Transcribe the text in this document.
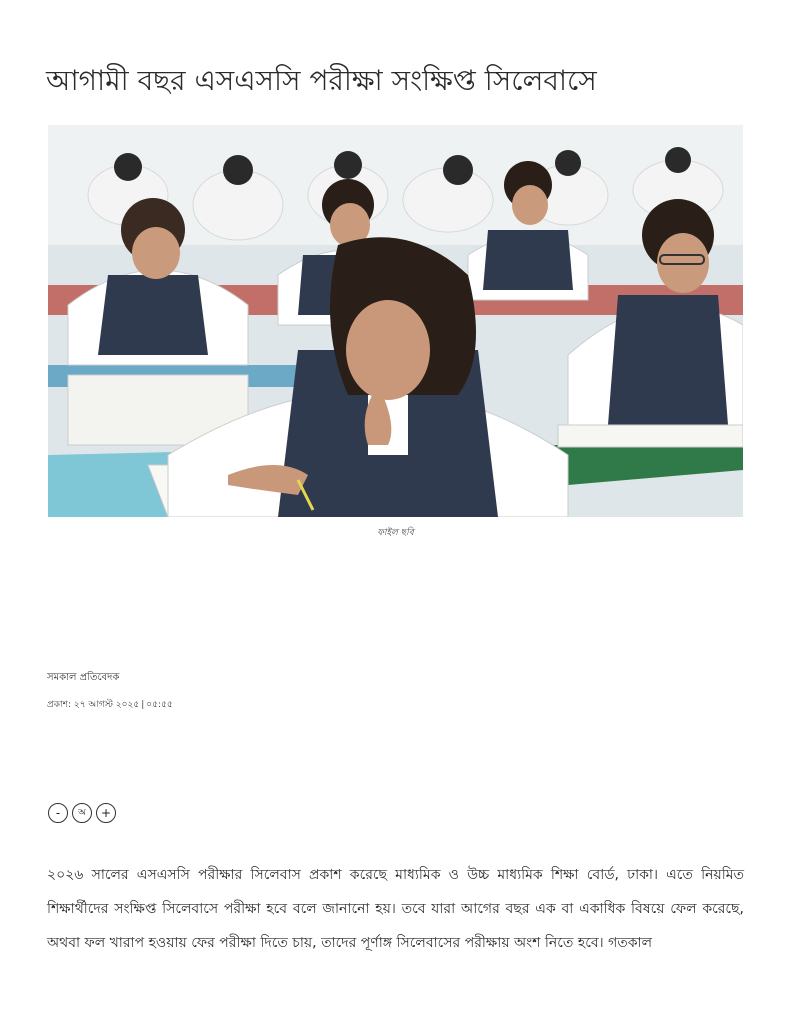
আগামী বছর এসএসসি পরীক্ষা সংক্ষিপ্ত সিলেবাসে
ফাইল ছবি
সমকাল প্রতিবেদক
প্রকাশ: ২৭ আগস্ট ২০২৫ | ০৫:৫৫
-	অ	+

২০২৬ সালের এসএসসি পরীক্ষার সিলেবাস প্রকাশ করেছে মাধ্যমিক ও উচ্চ মাধ্যমিক শিক্ষা বোর্ড, ঢাকা। এতে নিয়মিত শিক্ষার্থীদের সংক্ষিপ্ত সিলেবাসে পরীক্ষা হবে বলে জানানো হয়। তবে যারা আগের বছর এক বা একাধিক বিষয়ে ফেল করেছে, অথবা ফল খারাপ হওয়ায় ফের পরীক্ষা দিতে চায়, তাদের পূর্ণাঙ্গ সিলেবাসের পরীক্ষায় অংশ নিতে হবে। গতকাল
